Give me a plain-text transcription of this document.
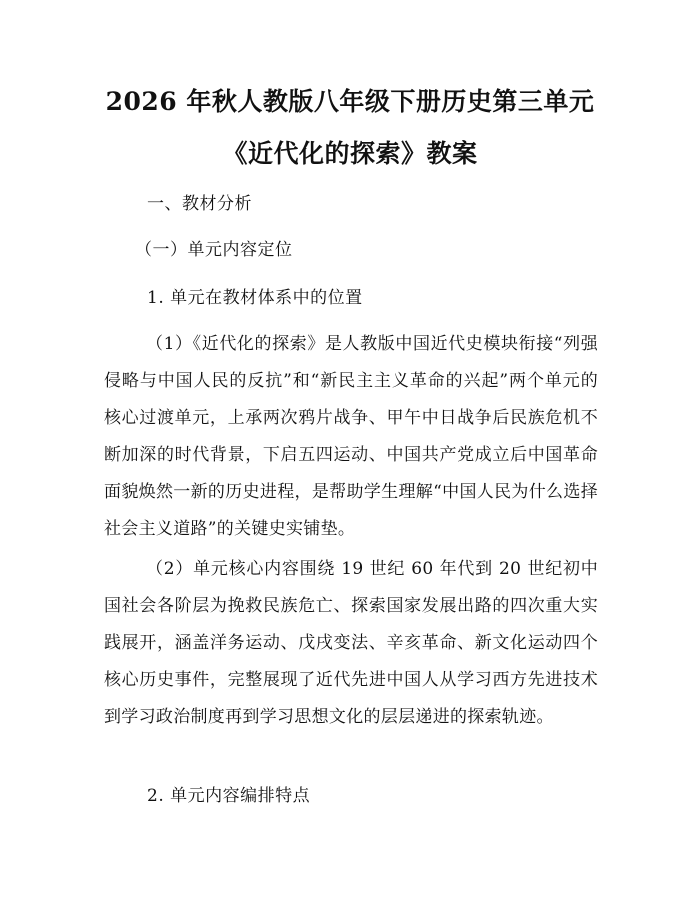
2026 年秋人教版八年级下册历史第三单元
《近代化的探索》教案

一、教材分析

（一）单元内容定位

1. 单元在教材体系中的位置

（1）《近代化的探索》是人教版中国近代史模块衔接“列强侵略与中国人民的反抗”和“新民主主义革命的兴起”两个单元的核心过渡单元，上承两次鸦片战争、甲午中日战争后民族危机不断加深的时代背景，下启五四运动、中国共产党成立后中国革命面貌焕然一新的历史进程，是帮助学生理解“中国人民为什么选择社会主义道路”的关键史实铺垫。

（2）单元核心内容围绕 19 世纪 60 年代到 20 世纪初中国社会各阶层为挽救民族危亡、探索国家发展出路的四次重大实践展开，涵盖洋务运动、戊戌变法、辛亥革命、新文化运动四个核心历史事件，完整展现了近代先进中国人从学习西方先进技术到学习政治制度再到学习思想文化的层层递进的探索轨迹。

2. 单元内容编排特点
